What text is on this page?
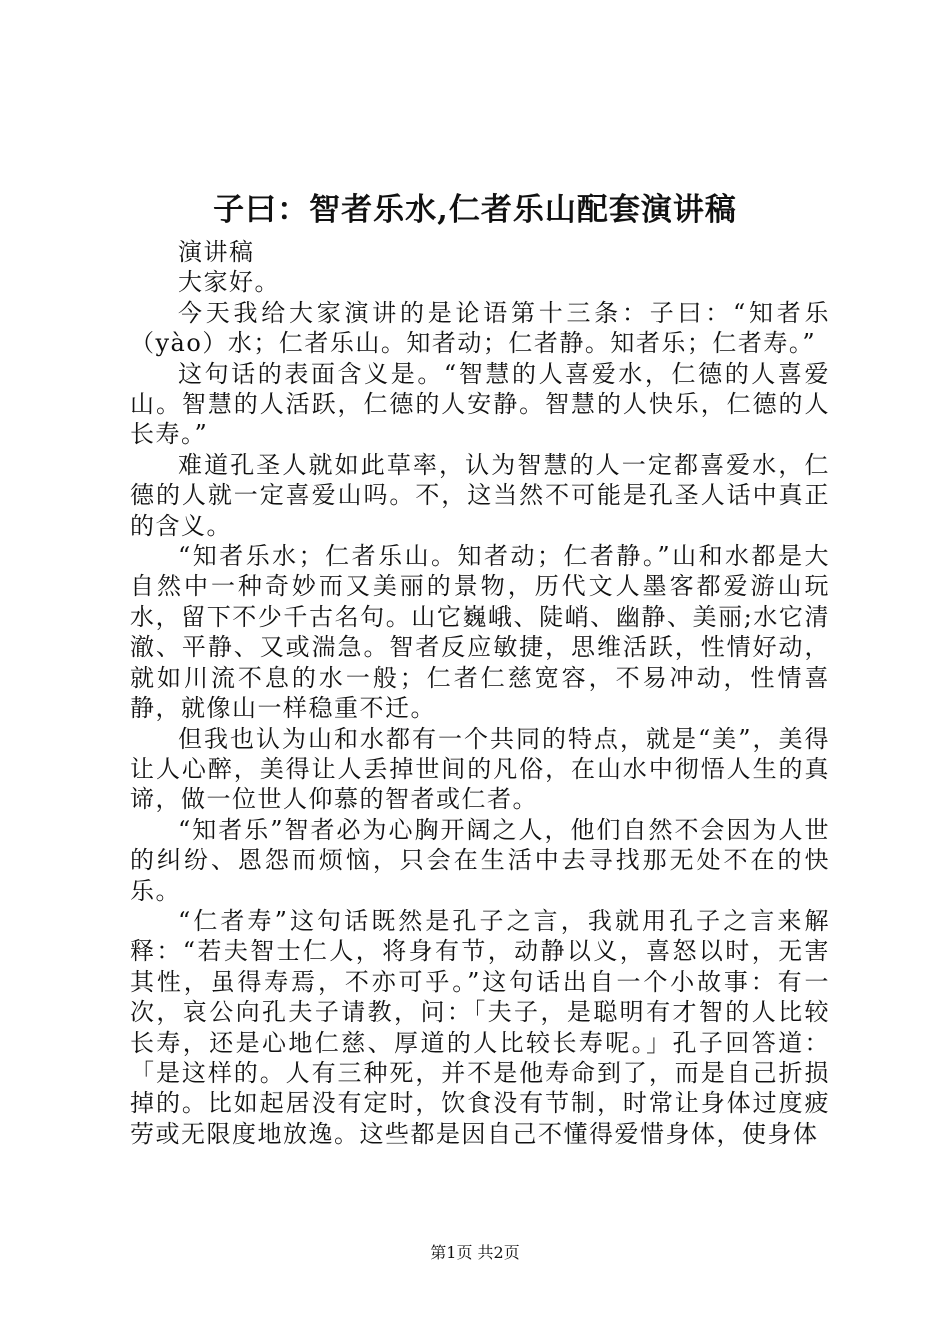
子曰：智者乐水,仁者乐山配套演讲稿

演讲稿

大家好。

今天我给大家演讲的是论语第十三条：子曰：“知者乐（yào）水；仁者乐山。知者动；仁者静。知者乐；仁者寿。”

这句话的表面含义是。“智慧的人喜爱水，仁德的人喜爱山。智慧的人活跃，仁德的人安静。智慧的人快乐，仁德的人长寿。”

难道孔圣人就如此草率，认为智慧的人一定都喜爱水，仁德的人就一定喜爱山吗。不，这当然不可能是孔圣人话中真正的含义。

“知者乐水；仁者乐山。知者动；仁者静。”山和水都是大自然中一种奇妙而又美丽的景物，历代文人墨客都爱游山玩水，留下不少千古名句。山它巍峨、陡峭、幽静、美丽;水它清澈、平静、又或湍急。智者反应敏捷，思维活跃，性情好动，就如川流不息的水一般；仁者仁慈宽容，不易冲动，性情喜静，就像山一样稳重不迁。

但我也认为山和水都有一个共同的特点，就是“美”，美得让人心醉，美得让人丢掉世间的凡俗，在山水中彻悟人生的真谛，做一位世人仰慕的智者或仁者。

“知者乐”智者必为心胸开阔之人，他们自然不会因为人世的纠纷、恩怨而烦恼，只会在生活中去寻找那无处不在的快乐。

“仁者寿”这句话既然是孔子之言，我就用孔子之言来解释：“若夫智士仁人，将身有节，动静以义，喜怒以时，无害其性，虽得寿焉，不亦可乎。”这句话出自一个小故事：有一次，哀公向孔夫子请教，问：「夫子，是聪明有才智的人比较长寿，还是心地仁慈、厚道的人比较长寿呢。」孔子回答道：「是这样的。人有三种死，并不是他寿命到了，而是自己折损掉的。比如起居没有定时，饮食没有节制，时常让身体过度疲劳或无限度地放逸。这些都是因自己不懂得爱惜身体，使身体

第1页 共2页
